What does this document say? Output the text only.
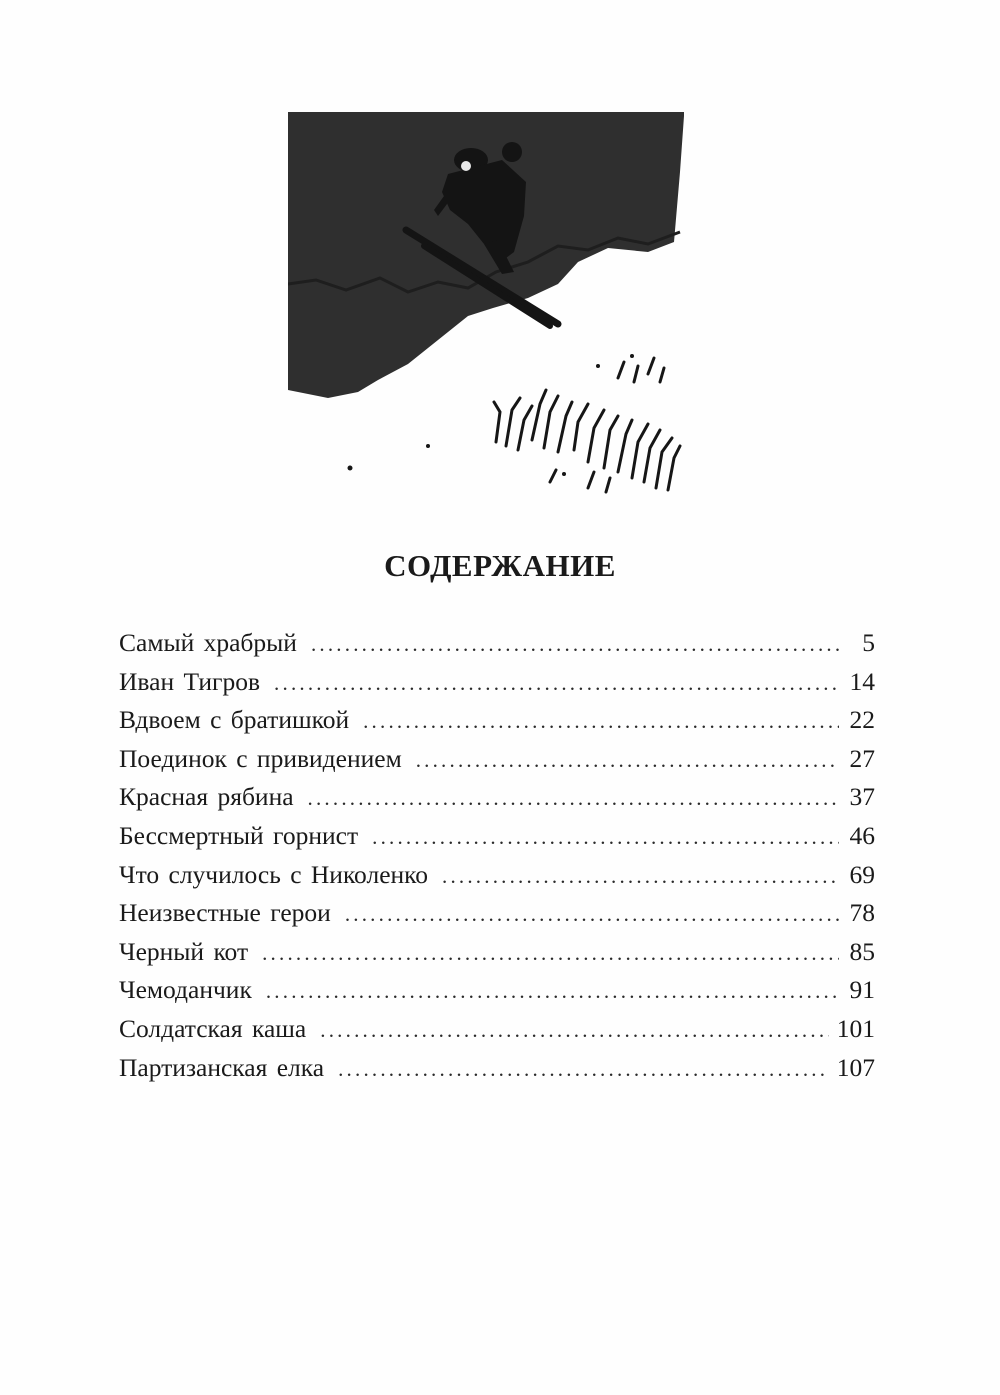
СОДЕРЖАНИЕ
Самый храбрый .....	5
Иван Тигров .....	14
Вдвоем с братишкой .....	22
Поединок с привидением .....	27
Красная рябина .....	37
Бессмертный горнист .....	46
Что случилось с Николенко .....	69
Неизвестные герои .....	78
Черный кот .....	85
Чемоданчик .....	91
Солдатская каша .....	101
Партизанская елка .....	107
